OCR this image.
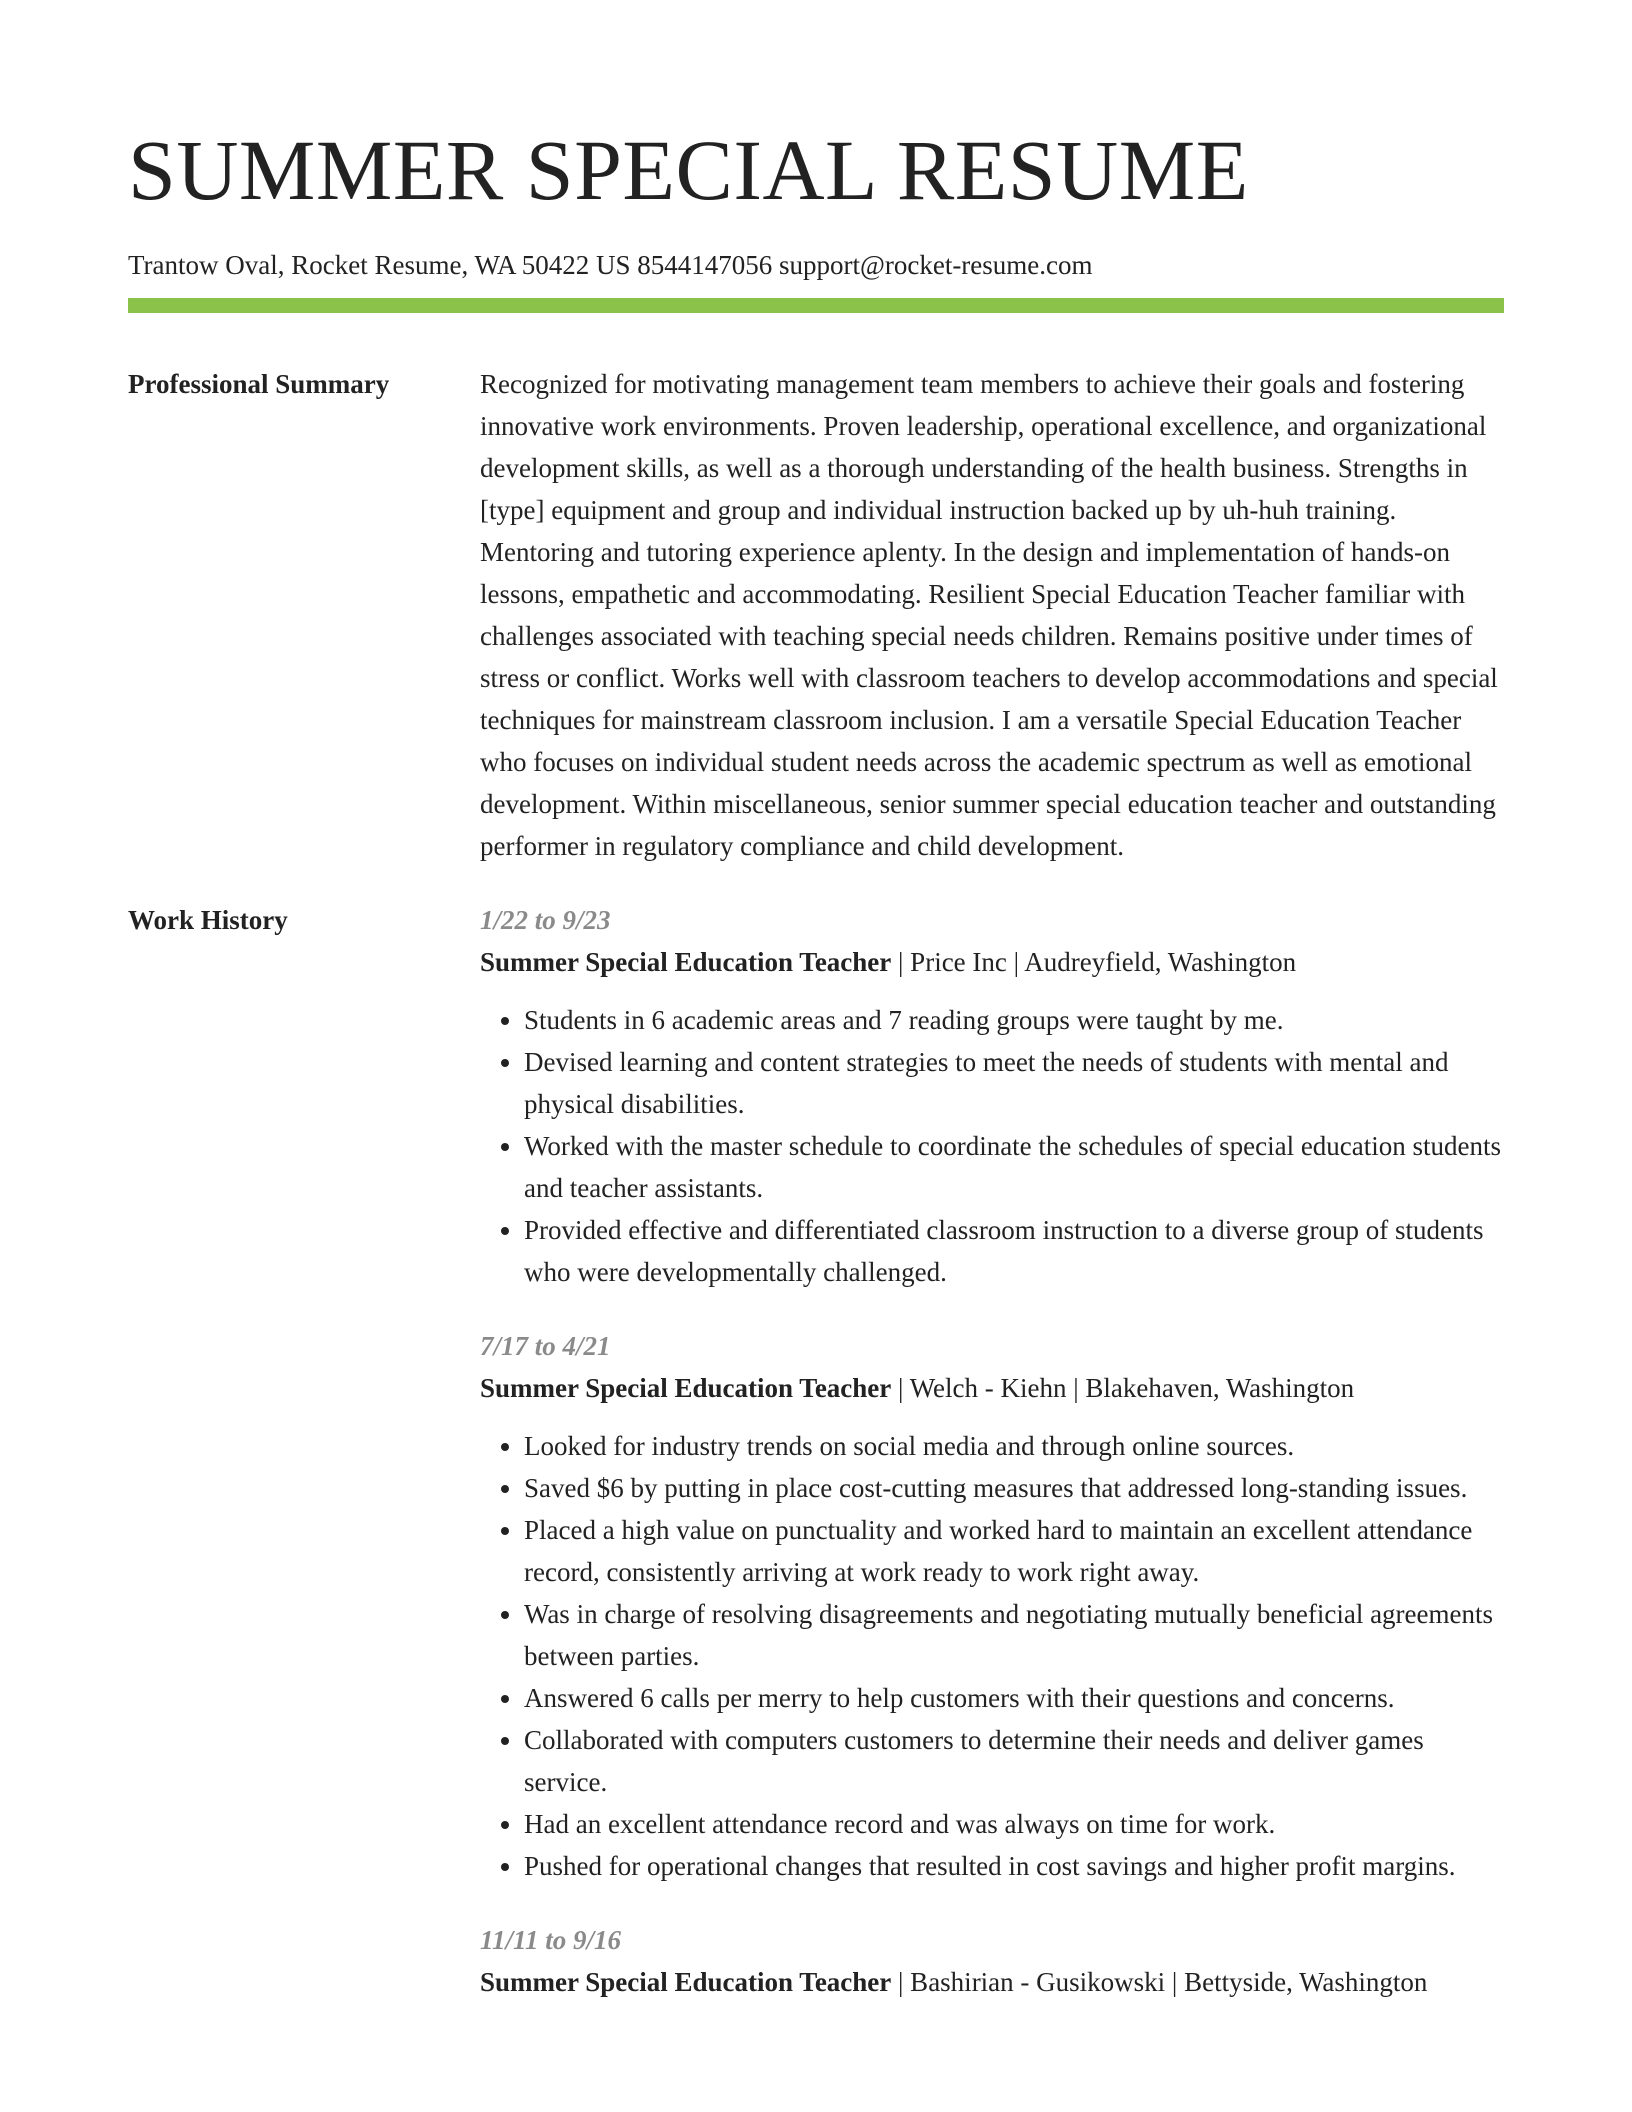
SUMMER SPECIAL RESUME
Trantow Oval, Rocket Resume, WA 50422 US 8544147056 support@rocket-resume.com
Professional Summary	Recognized for motivating management team members to achieve their goals and fostering innovative work environments. Proven leadership, operational excellence, and organizational development skills, as well as a thorough understanding of the health business. Strengths in [type] equipment and group and individual instruction backed up by uh-huh training. Mentoring and tutoring experience aplenty. In the design and implementation of hands-on lessons, empathetic and accommodating. Resilient Special Education Teacher familiar with challenges associated with teaching special needs children. Remains positive under times of stress or conflict. Works well with classroom teachers to develop accommodations and special techniques for mainstream classroom inclusion. I am a versatile Special Education Teacher who focuses on individual student needs across the academic spectrum as well as emotional development. Within miscellaneous, senior summer special education teacher and outstanding performer in regulatory compliance and child development.

Work History	1/22 to 9/23
Summer Special Education Teacher | Price Inc | Audreyfield, Washington
• Students in 6 academic areas and 7 reading groups were taught by me.
• Devised learning and content strategies to meet the needs of students with mental and physical disabilities.
• Worked with the master schedule to coordinate the schedules of special education students and teacher assistants.
• Provided effective and differentiated classroom instruction to a diverse group of students who were developmentally challenged.
7/17 to 4/21
Summer Special Education Teacher | Welch - Kiehn | Blakehaven, Washington
• Looked for industry trends on social media and through online sources.
• Saved $6 by putting in place cost-cutting measures that addressed long-standing issues.
• Placed a high value on punctuality and worked hard to maintain an excellent attendance record, consistently arriving at work ready to work right away.
• Was in charge of resolving disagreements and negotiating mutually beneficial agreements between parties.
• Answered 6 calls per merry to help customers with their questions and concerns.
• Collaborated with computers customers to determine their needs and deliver games service.
• Had an excellent attendance record and was always on time for work.
• Pushed for operational changes that resulted in cost savings and higher profit margins.
11/11 to 9/16
Summer Special Education Teacher | Bashirian - Gusikowski | Bettyside, Washington
